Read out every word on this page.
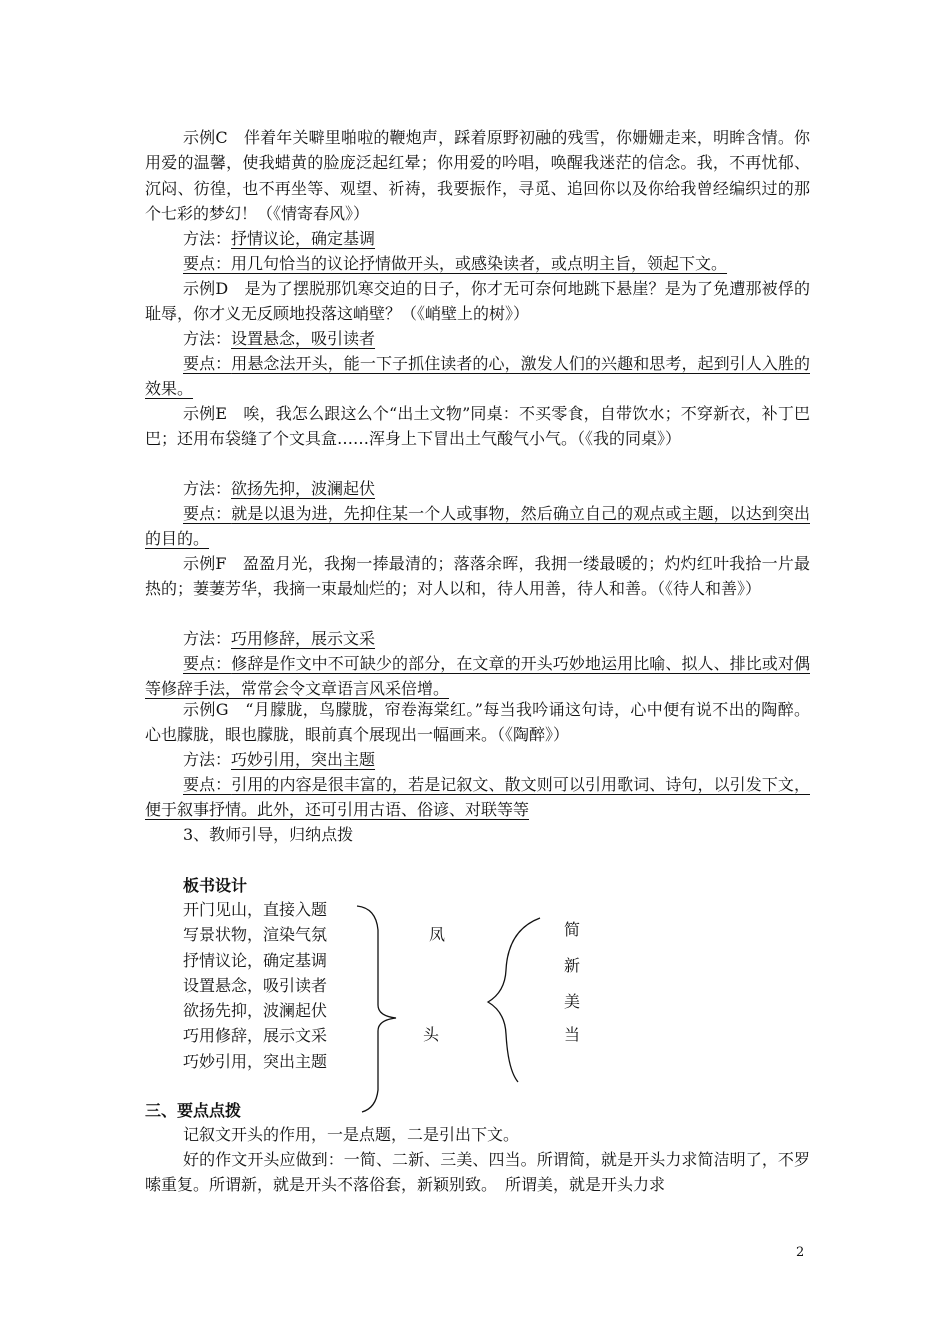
示例C　伴着年关噼里啪啦的鞭炮声，踩着原野初融的残雪，你姗姗走来，明眸含情。你用爱的温馨，使我蜡黄的脸庞泛起红晕；你用爱的吟唱，唤醒我迷茫的信念。我，不再忧郁、沉闷、彷徨，也不再坐等、观望、祈祷，我要振作，寻觅、追回你以及你给我曾经编织过的那个七彩的梦幻！（《情寄春风》）
方法：抒情议论，确定基调
要点：用几句恰当的议论抒情做开头，或感染读者，或点明主旨，领起下文。
示例D　是为了摆脱那饥寒交迫的日子，你才无可奈何地跳下悬崖？是为了免遭那被俘的耻辱，你才义无反顾地投落这峭壁？（《峭壁上的树》）
方法：设置悬念，吸引读者
要点：用悬念法开头，能一下子抓住读者的心，激发人们的兴趣和思考，起到引人入胜的效果。
示例E　唉，我怎么跟这么个“出土文物”同桌：不买零食，自带饮水；不穿新衣，补丁巴巴；还用布袋缝了个文具盒……浑身上下冒出土气酸气小气。（《我的同桌》）
方法：欲扬先抑，波澜起伏
要点：就是以退为进，先抑住某一个人或事物，然后确立自己的观点或主题，以达到突出的目的。
示例F　盈盈月光，我掬一捧最清的；落落余晖，我拥一缕最暖的；灼灼红叶我拾一片最热的；萋萋芳华，我摘一束最灿烂的；对人以和，待人用善，待人和善。（《待人和善》）
方法：巧用修辞，展示文采
要点：修辞是作文中不可缺少的部分，在文章的开头巧妙地运用比喻、拟人、排比或对偶等修辞手法，常常会令文章语言风采倍增。
示例G　“月朦胧，鸟朦胧，帘卷海棠红。”每当我吟诵这句诗，心中便有说不出的陶醉。心也朦胧，眼也朦胧，眼前真个展现出一幅画来。（《陶醉》）
方法：巧妙引用，突出主题
要点：引用的内容是很丰富的，若是记叙文、散文则可以引用歌词、诗句，以引发下文，便于叙事抒情。此外，还可引用古语、俗谚、对联等等
3、教师引导，归纳点拨
板书设计
开门见山，直接入题
写景状物，渲染气氛
抒情议论，确定基调
设置悬念，吸引读者
欲扬先抑，波澜起伏
巧用修辞，展示文采
巧妙引用，突出主题
凤
头
简
新
美
当
三、要点点拨
记叙文开头的作用，一是点题，二是引出下文。
好的作文开头应做到：一简、二新、三美、四当。所谓简，就是开头力求简洁明了，不罗嗦重复。所谓新，就是开头不落俗套，新颖别致。　所谓美，就是开头力求
2
